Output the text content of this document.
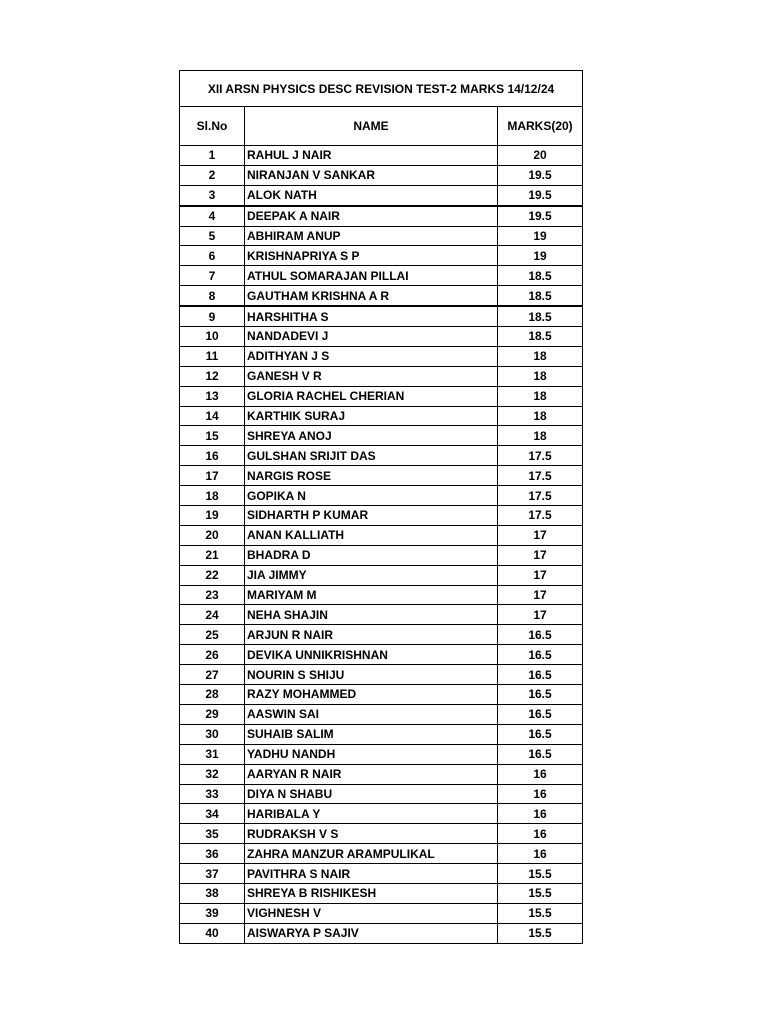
XII ARSN PHYSICS DESC REVISION TEST-2 MARKS 14/12/24		
Sl.No	NAME	MARKS(20)
1	RAHUL J NAIR	20
2	NIRANJAN V SANKAR	19.5
3	ALOK NATH	19.5
4	DEEPAK A NAIR	19.5
5	ABHIRAM ANUP	19
6	KRISHNAPRIYA S P	19
7	ATHUL SOMARAJAN PILLAI	18.5
8	GAUTHAM KRISHNA A R	18.5
9	HARSHITHA S	18.5
10	NANDADEVI J	18.5
11	ADITHYAN J S	18
12	GANESH V R	18
13	GLORIA RACHEL CHERIAN	18
14	KARTHIK SURAJ	18
15	SHREYA ANOJ	18
16	GULSHAN SRIJIT DAS	17.5
17	NARGIS ROSE	17.5
18	GOPIKA N	17.5
19	SIDHARTH P KUMAR	17.5
20	ANAN KALLIATH	17
21	BHADRA D	17
22	JIA JIMMY	17
23	MARIYAM M	17
24	NEHA SHAJIN	17
25	ARJUN R NAIR	16.5
26	DEVIKA UNNIKRISHNAN	16.5
27	NOURIN S SHIJU	16.5
28	RAZY MOHAMMED	16.5
29	AASWIN SAI	16.5
30	SUHAIB SALIM	16.5
31	YADHU NANDH	16.5
32	AARYAN R NAIR	16
33	DIYA N SHABU	16
34	HARIBALA Y	16
35	RUDRAKSH V S	16
36	ZAHRA MANZUR ARAMPULIKAL	16
37	PAVITHRA S NAIR	15.5
38	SHREYA B RISHIKESH	15.5
39	VIGHNESH V	15.5
40	AISWARYA P SAJIV	15.5
